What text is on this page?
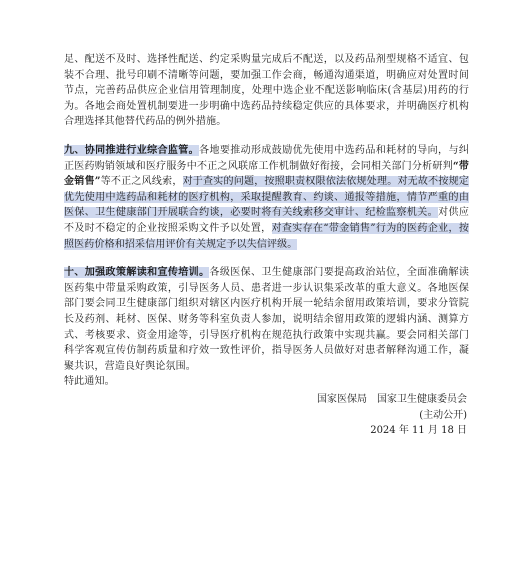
足、配送不及时、选择性配送、约定采购量完成后不配送，以及药品剂型规格不适宜、包装不合理、批号印刷不清晰等问题，要加强工作会商，畅通沟通渠道，明确应对处置时间节点，完善药品供应企业信用管理制度，处理中选企业不配送影响临床(含基层)用药的行为。各地会商处置机制要进一步明确中选药品持续稳定供应的具体要求，并明确医疗机构合理选择其他替代药品的例外措施。

九、协同推进行业综合监管。各地要推动形成鼓励优先使用中选药品和耗材的导向，与纠正医药购销领域和医疗服务中不正之风联席工作机制做好衔接，会同相关部门分析研判“带金销售”等不正之风线索，对于查实的问题，按照职责权限依法依规处理。对无故不按规定优先使用中选药品和耗材的医疗机构，采取提醒教育、约谈、通报等措施，情节严重的由医保、卫生健康部门开展联合约谈，必要时将有关线索移交审计、纪检监察机关。对供应不及时不稳定的企业按照采购文件予以处置，对查实存在“带金销售”行为的医药企业，按照医药价格和招采信用评价有关规定予以失信评级。

十、加强政策解读和宣传培训。各级医保、卫生健康部门要提高政治站位，全面准确解读医药集中带量采购政策，引导医务人员、患者进一步认识集采改革的重大意义。各地医保部门要会同卫生健康部门组织对辖区内医疗机构开展一轮结余留用政策培训，要求分管院长及药剂、耗材、医保、财务等科室负责人参加，说明结余留用政策的逻辑内涵、测算方式、考核要求、资金用途等，引导医疗机构在规范执行政策中实现共赢。要会同相关部门科学客观宣传仿制药质量和疗效一致性评价，指导医务人员做好对患者解释沟通工作，凝聚共识，营造良好舆论氛围。

特此通知。

国家医保局　国家卫生健康委员会
(主动公开)
2024 年 11 月 18 日
